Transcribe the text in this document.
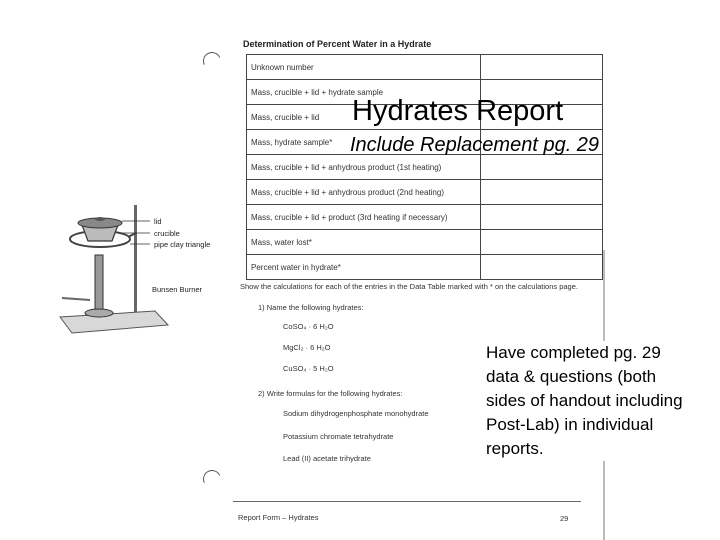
Determination of Percent Water in a Hydrate
Unknown number	
Mass, crucible + lid + hydrate sample	
Mass, crucible + lid	
Mass, hydrate sample*	
Mass, crucible + lid + anhydrous product (1st heating)	
Mass, crucible + lid + anhydrous product (2nd heating)	
Mass, crucible + lid + product (3rd heating if necessary)	
Mass, water lost*	
Percent water in hydrate*	
Show the calculations for each of the entries in the Data Table marked with * on the calculations page.
1) Name the following hydrates:
CoSO₄ · 6 H₂O
MgCl₂ · 6 H₂O
CuSO₄ · 5 H₂O
2) Write formulas for the following hydrates:
Sodium dihydrogenphosphate monohydrate
Potassium chromate tetrahydrate
Lead (II) acetate trihydrate
Report Form – Hydrates	29
lid
crucible
pipe clay triangle
Bunsen Burner
Hydrates Report
Include Replacement pg. 29
Have completed pg. 29 data & questions (both sides of handout including Post-Lab) in individual reports.
